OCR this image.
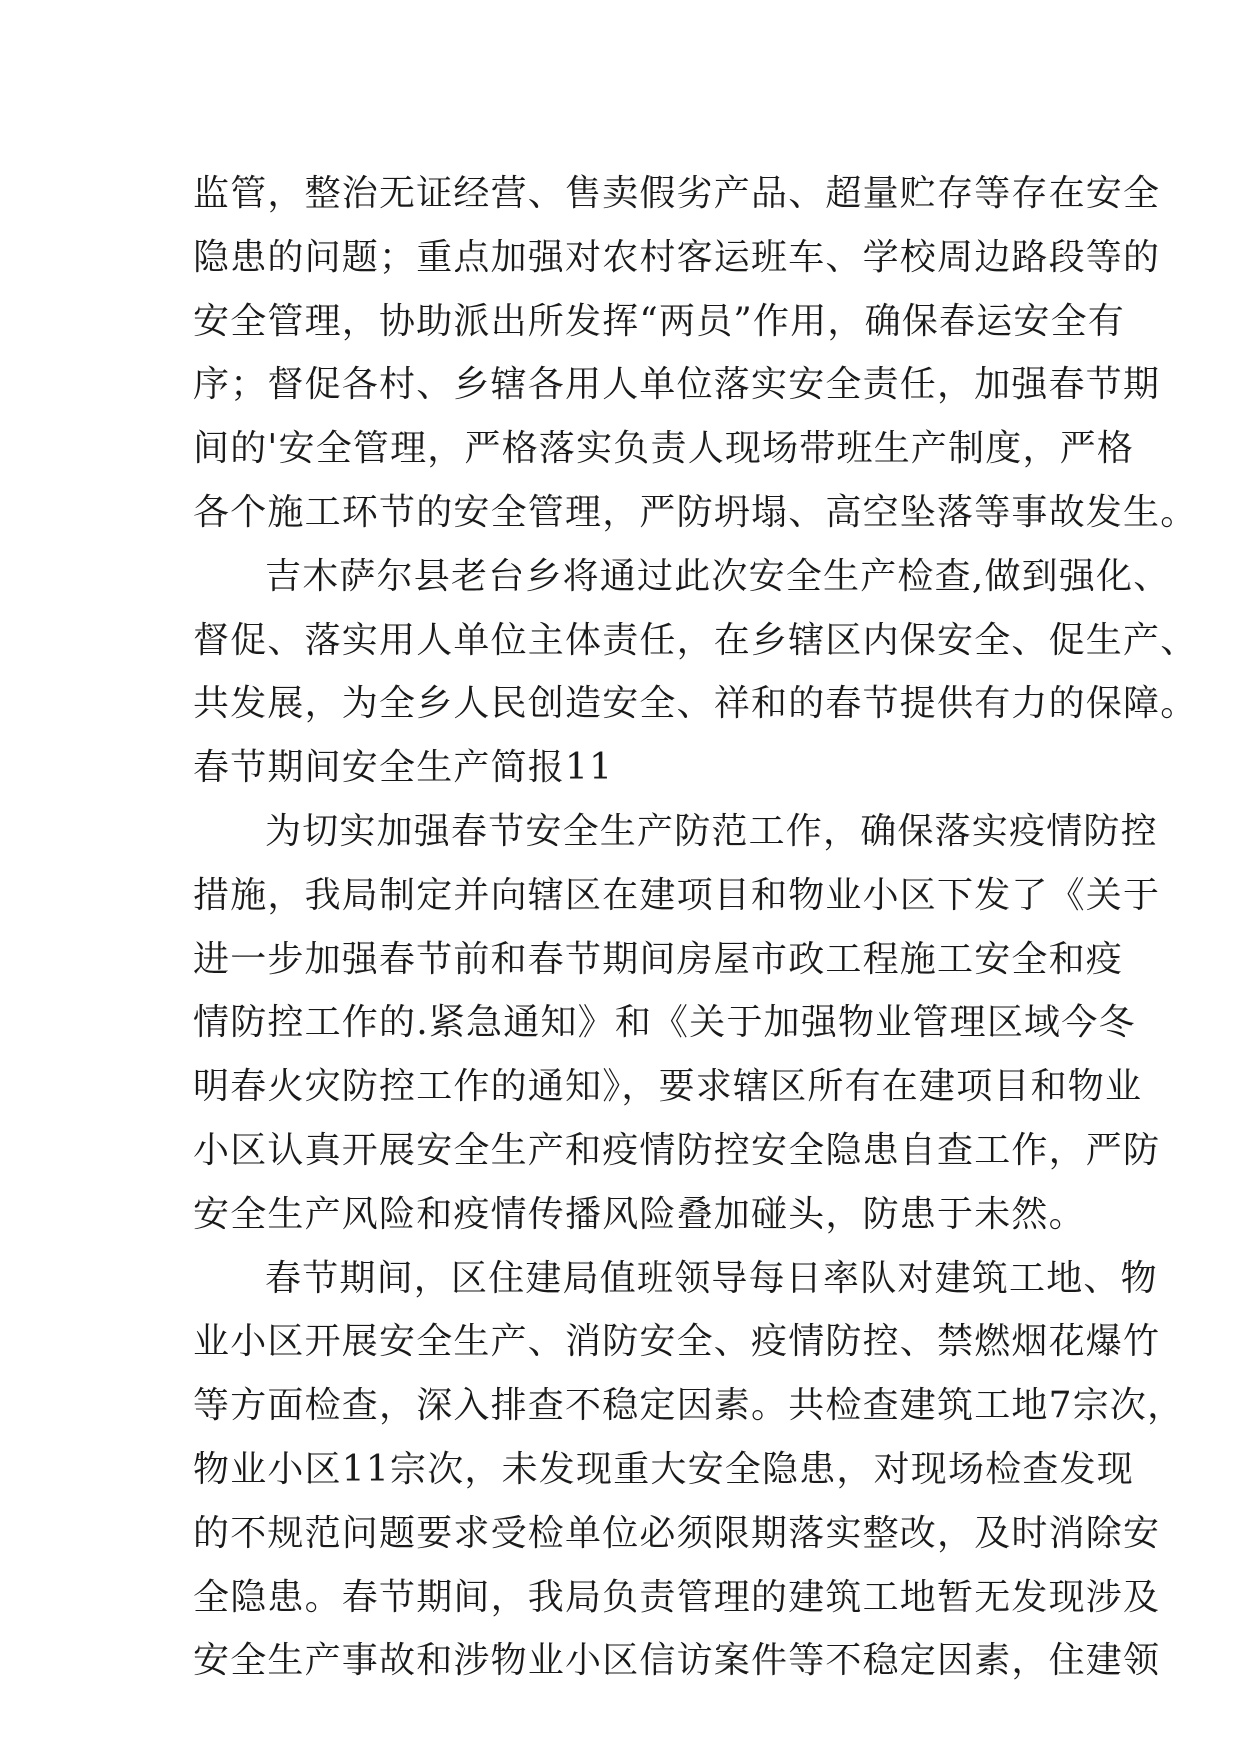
监管，整治无证经营、售卖假劣产品、超量贮存等存在安全
隐患的问题；重点加强对农村客运班车、学校周边路段等的
安全管理，协助派出所发挥“两员”作用，确保春运安全有
序；督促各村、乡辖各用人单位落实安全责任，加强春节期
间的'安全管理，严格落实负责人现场带班生产制度，严格
各个施工环节的安全管理，严防坍塌、高空坠落等事故发生。
吉木萨尔县老台乡将通过此次安全生产检查,做到强化、
督促、落实用人单位主体责任，在乡辖区内保安全、促生产、
共发展，为全乡人民创造安全、祥和的春节提供有力的保障。
春节期间安全生产简报11
为切实加强春节安全生产防范工作，确保落实疫情防控
措施，我局制定并向辖区在建项目和物业小区下发了《关于
进一步加强春节前和春节期间房屋市政工程施工安全和疫
情防控工作的.紧急通知》和《关于加强物业管理区域今冬
明春火灾防控工作的通知》，要求辖区所有在建项目和物业
小区认真开展安全生产和疫情防控安全隐患自查工作，严防
安全生产风险和疫情传播风险叠加碰头，防患于未然。
春节期间，区住建局值班领导每日率队对建筑工地、物
业小区开展安全生产、消防安全、疫情防控、禁燃烟花爆竹
等方面检查，深入排查不稳定因素。共检查建筑工地7宗次，
物业小区11宗次，未发现重大安全隐患，对现场检查发现
的不规范问题要求受检单位必须限期落实整改，及时消除安
全隐患。春节期间，我局负责管理的建筑工地暂无发现涉及
安全生产事故和涉物业小区信访案件等不稳定因素，住建领
